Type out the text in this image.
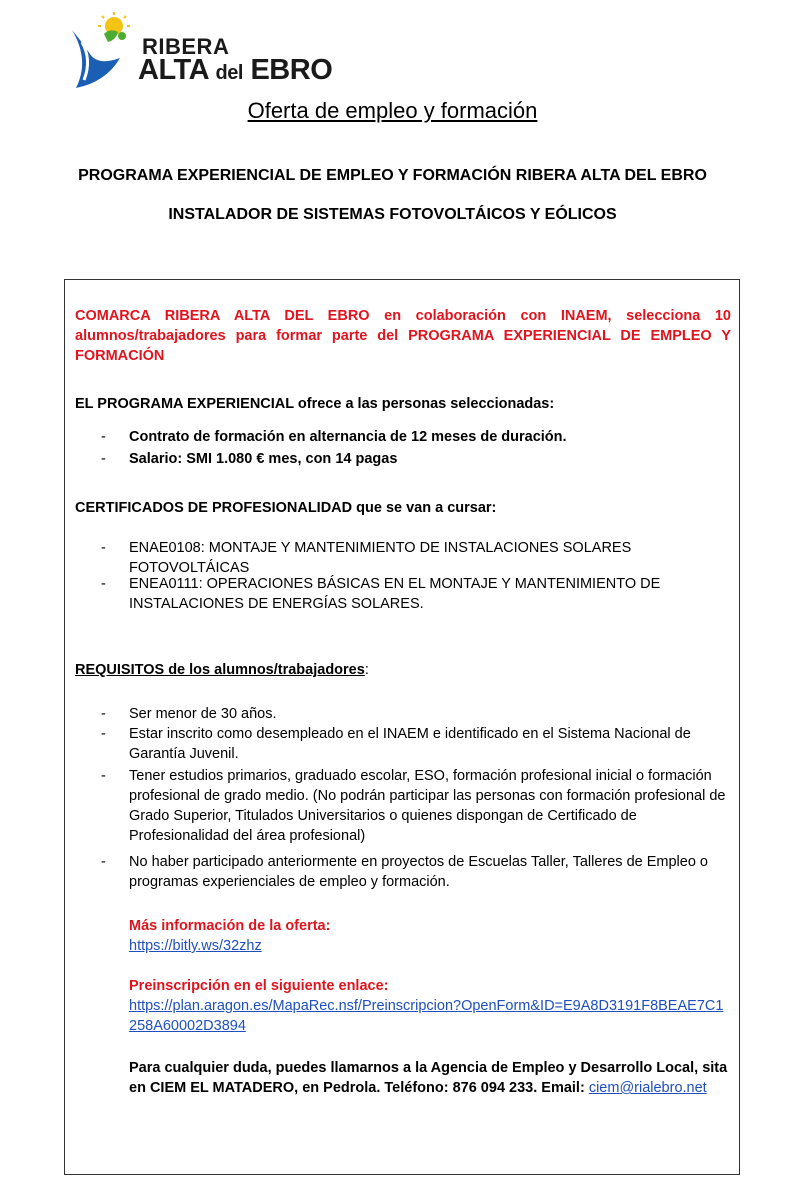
RIBERA
ALTA del EBRO
Oferta de empleo y formación
PROGRAMA EXPERIENCIAL DE EMPLEO Y FORMACIÓN RIBERA ALTA DEL EBRO
INSTALADOR DE SISTEMAS FOTOVOLTÁICOS Y EÓLICOS
COMARCA RIBERA ALTA DEL EBRO en colaboración con INAEM, selecciona 10 alumnos/trabajadores para formar parte del PROGRAMA EXPERIENCIAL DE EMPLEO Y FORMACIÓN
EL PROGRAMA EXPERIENCIAL ofrece a las personas seleccionadas:
- Contrato de formación en alternancia de 12 meses de duración.
- Salario: SMI 1.080 € mes, con 14 pagas
CERTIFICADOS DE PROFESIONALIDAD que se van a cursar:
- ENAE0108: MONTAJE Y MANTENIMIENTO DE INSTALACIONES SOLARES FOTOVOLTÁICAS
- ENEA0111: OPERACIONES BÁSICAS EN EL MONTAJE Y MANTENIMIENTO DE INSTALACIONES DE ENERGÍAS SOLARES.
REQUISITOS de los alumnos/trabajadores:
- Ser menor de 30 años.
- Estar inscrito como desempleado en el INAEM e identificado en el Sistema Nacional de Garantía Juvenil.
- Tener estudios primarios, graduado escolar, ESO, formación profesional inicial o formación profesional de grado medio. (No podrán participar las personas con formación profesional de Grado Superior, Titulados Universitarios o quienes dispongan de Certificado de Profesionalidad del área profesional)
- No haber participado anteriormente en proyectos de Escuelas Taller, Talleres de Empleo o programas experienciales de empleo y formación.
Más información de la oferta:
https://bitly.ws/32zhz
Preinscripción en el siguiente enlace:
https://plan.aragon.es/MapaRec.nsf/Preinscripcion?OpenForm&ID=E9A8D3191F8BEAE7C1258A60002D3894
Para cualquier duda, puedes llamarnos a la Agencia de Empleo y Desarrollo Local, sita en CIEM EL MATADERO, en Pedrola. Teléfono: 876 094 233. Email: ciem@rialebro.net
